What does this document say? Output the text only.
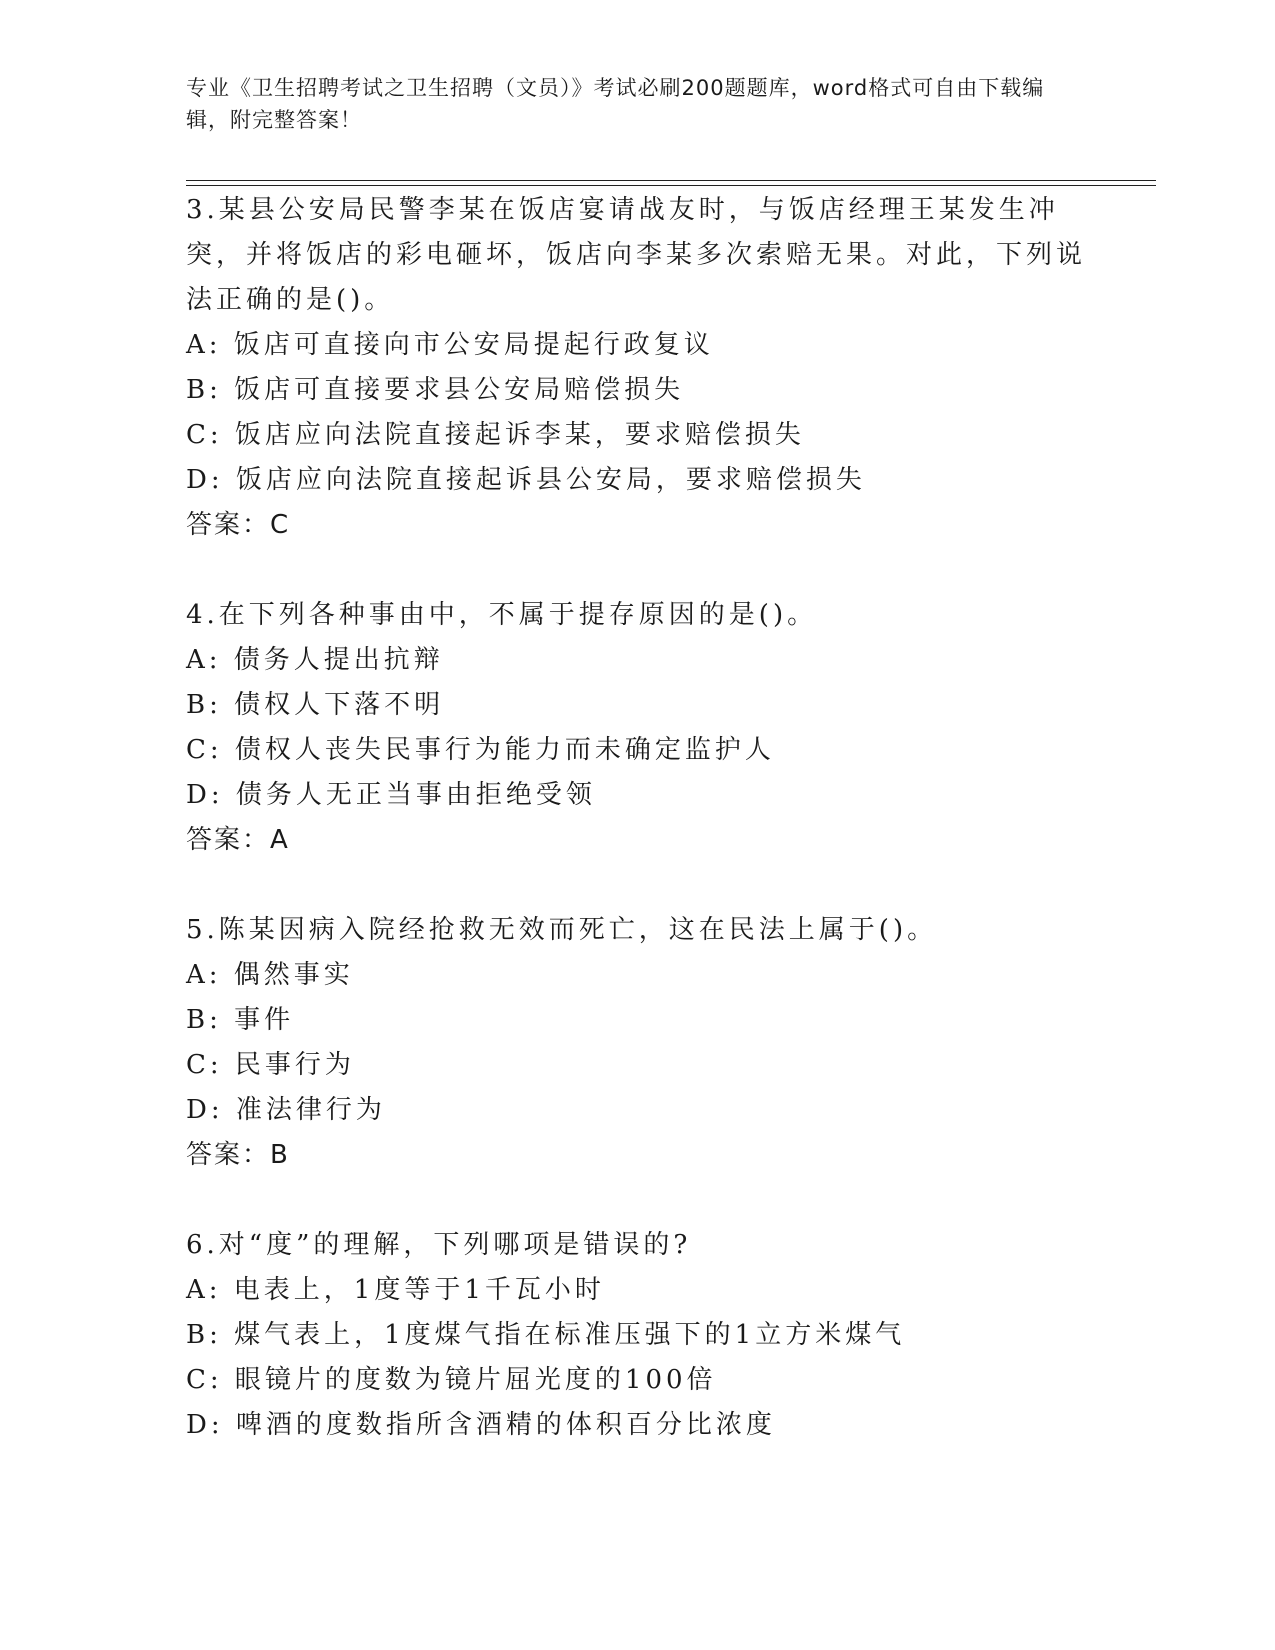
专业《卫生招聘考试之卫生招聘（文员）》考试必刷200题题库，word格式可自由下载编辑，附完整答案！
3.某县公安局民警李某在饭店宴请战友时，与饭店经理王某发生冲突，并将饭店的彩电砸坏，饭店向李某多次索赔无果。对此，下列说法正确的是()。
A: 饭店可直接向市公安局提起行政复议
B: 饭店可直接要求县公安局赔偿损失
C: 饭店应向法院直接起诉李某，要求赔偿损失
D: 饭店应向法院直接起诉县公安局，要求赔偿损失
答案：C
4.在下列各种事由中，不属于提存原因的是()。
A: 债务人提出抗辩
B: 债权人下落不明
C: 债权人丧失民事行为能力而未确定监护人
D: 债务人无正当事由拒绝受领
答案：A
5.陈某因病入院经抢救无效而死亡，这在民法上属于()。
A: 偶然事实
B: 事件
C: 民事行为
D: 准法律行为
答案：B
6.对“度”的理解，下列哪项是错误的?
A: 电表上，1度等于1千瓦小时
B: 煤气表上，1度煤气指在标准压强下的1立方米煤气
C: 眼镜片的度数为镜片屈光度的100倍
D: 啤酒的度数指所含酒精的体积百分比浓度
